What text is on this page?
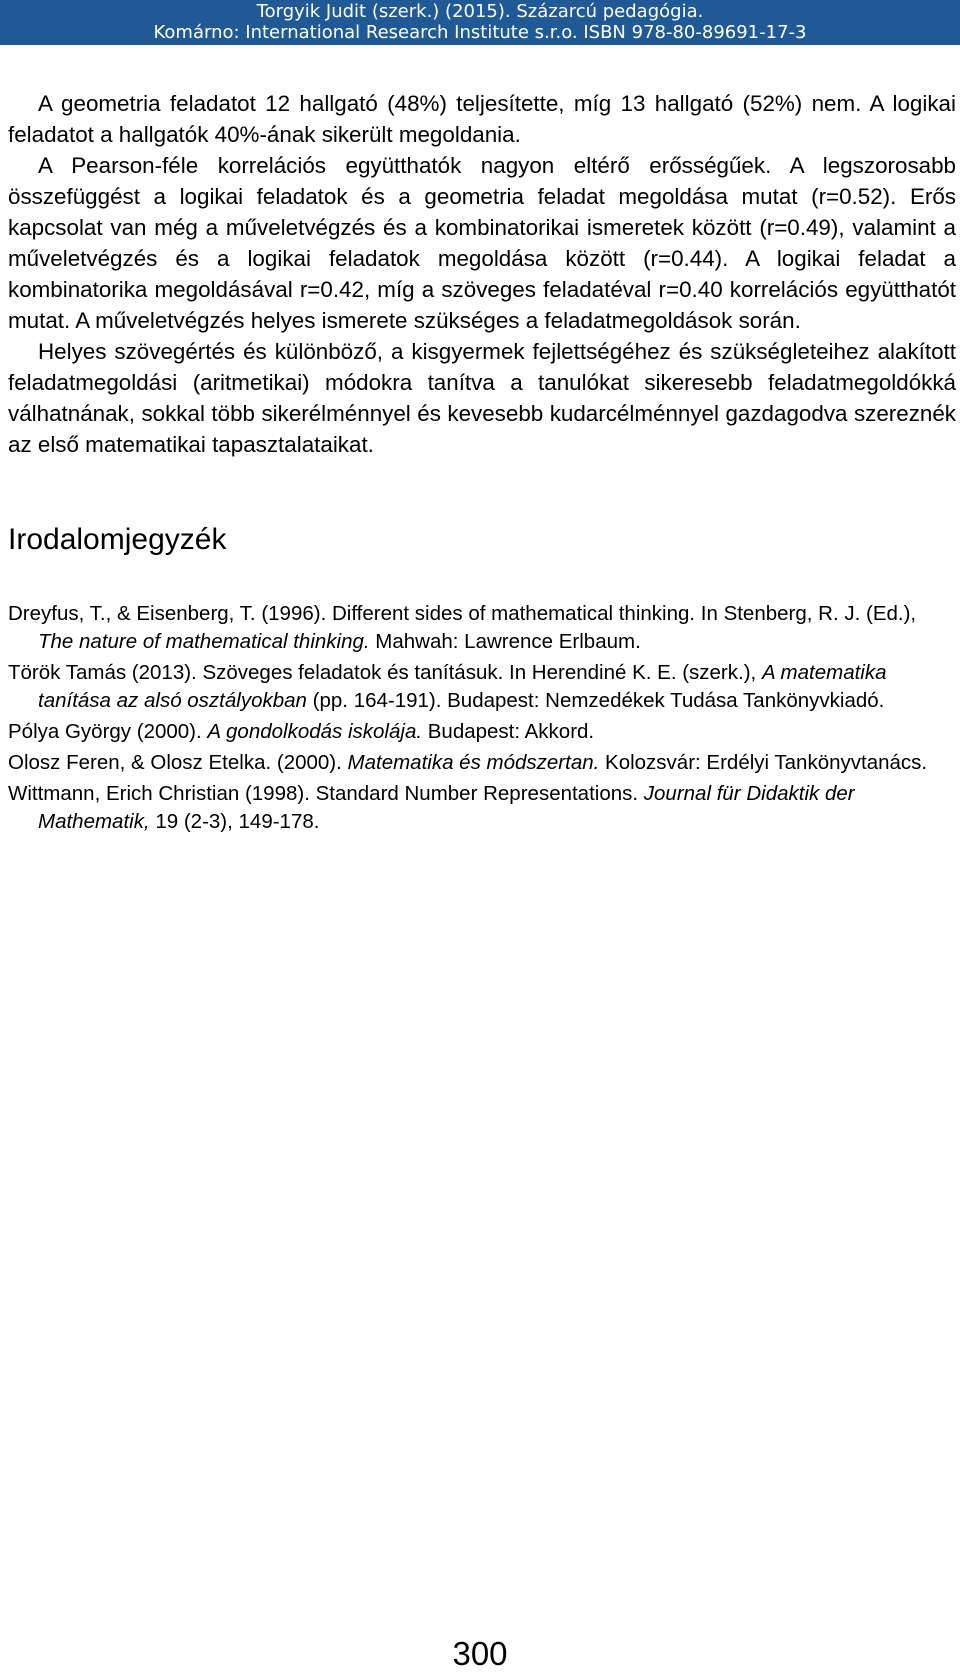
Torgyik Judit (szerk.) (2015). Százarcú pedagógia.
Komárno: International Research Institute s.r.o. ISBN 978-80-89691-17-3

A geometria feladatot 12 hallgató (48%) teljesítette, míg 13 hallgató (52%) nem. A logikai feladatot a hallgatók 40%-ának sikerült megoldania.

A Pearson-féle korrelációs együtthatók nagyon eltérő erősségűek. A legszorosabb összefüggést a logikai feladatok és a geometria feladat megoldása mutat (r=0.52). Erős kapcsolat van még a műveletvégzés és a kombinatorikai ismeretek között (r=0.49), valamint a műveletvégzés és a logikai feladatok megoldása között (r=0.44). A logikai feladat a kombinatorika megoldásával r=0.42, míg a szöveges feladatéval r=0.40 korrelációs együtthatót mutat. A műveletvégzés helyes ismerete szükséges a feladatmegoldások során.

Helyes szövegértés és különböző, a kisgyermek fejlettségéhez és szükségleteihez alakított feladatmegoldási (aritmetikai) módokra tanítva a tanulókat sikeresebb feladatmegoldókká válhatnának, sokkal több sikerélménnyel és kevesebb kudarcélménnyel gazdagodva szereznék az első matematikai tapasztalataikat.

Irodalomjegyzék

Dreyfus, T., & Eisenberg, T. (1996). Different sides of mathematical thinking. In Stenberg, R. J. (Ed.), The nature of mathematical thinking. Mahwah: Lawrence Erlbaum.

Török Tamás (2013). Szöveges feladatok és tanításuk. In Herendiné K. E. (szerk.), A matematika tanítása az alsó osztályokban (pp. 164-191). Budapest: Nemzedékek Tudása Tankönyvkiadó.

Pólya György (2000). A gondolkodás iskolája. Budapest: Akkord.

Olosz Feren, & Olosz Etelka. (2000). Matematika és módszertan. Kolozsvár: Erdélyi Tankönyvtanács.

Wittmann, Erich Christian (1998). Standard Number Representations. Journal für Didaktik der Mathematik, 19 (2-3), 149-178.

300
